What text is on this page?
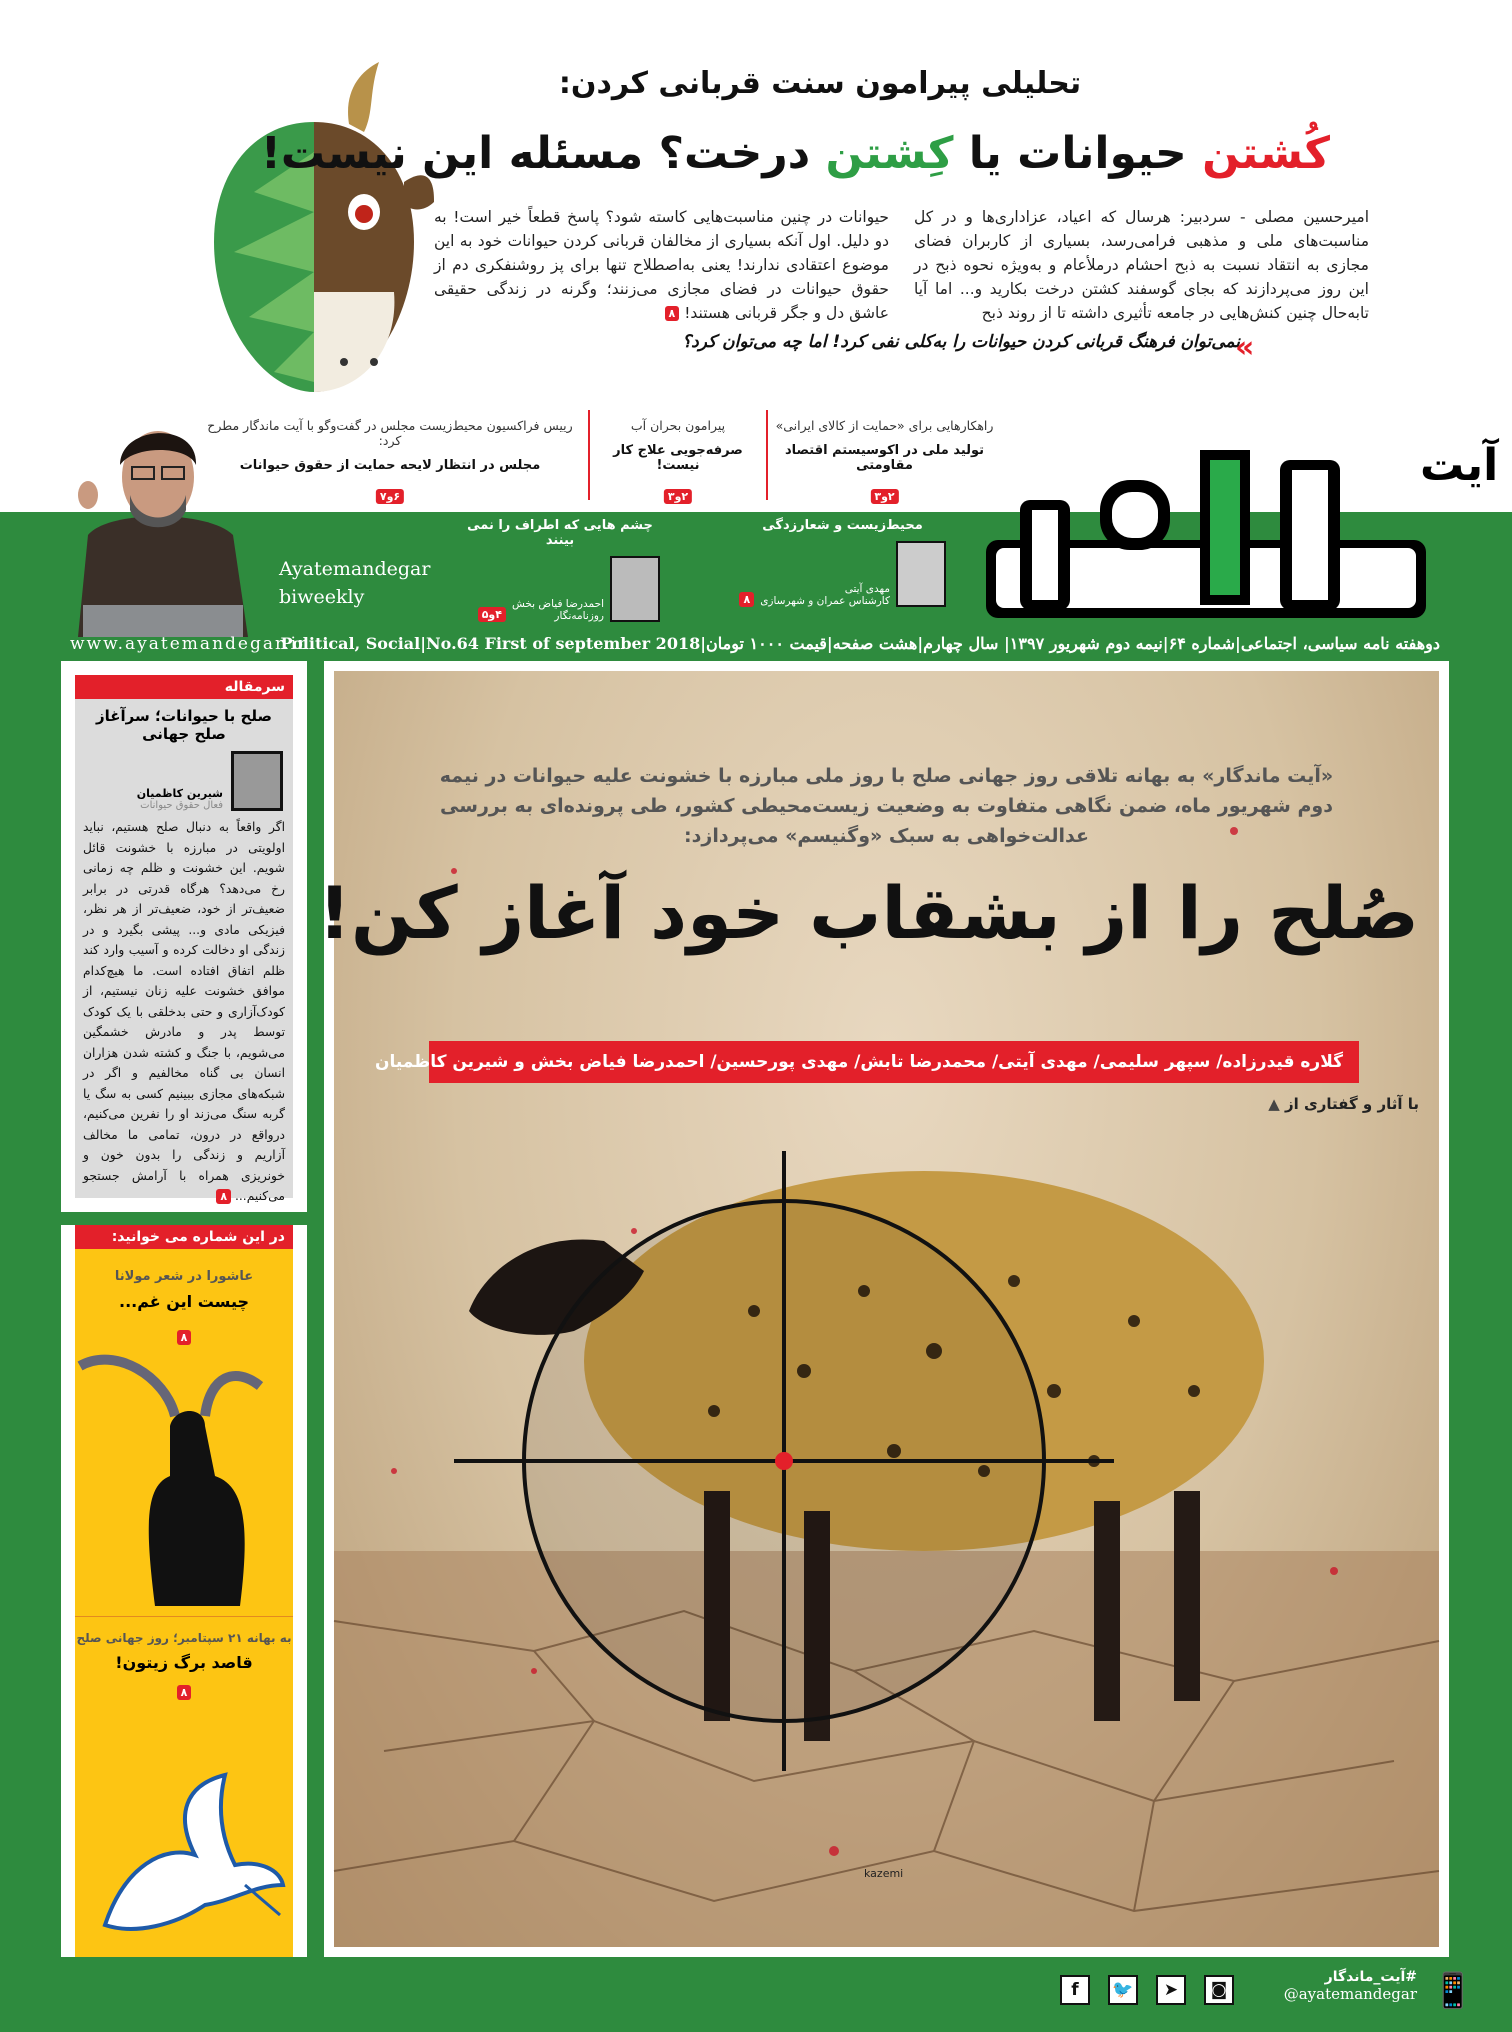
تحلیلی پیرامون سنت قربانی کردن:
کُشتن حیوانات یا کِشتن درخت؟ مسئله این نیست!
امیرحسین مصلی - سردبیر: هرسال که اعیاد، عزاداری‌ها و در کل مناسبت‌های ملی و مذهبی فرامی‌رسد، بسیاری از کاربران فضای مجازی به انتقاد نسبت به ذبح احشام درملأعام و به‌ویژه نحوه ذبح در این روز می‌پردازند که بجای گوسفند کشتن درخت بکارید و... اما آیا تابه‌حال چنین کنش‌هایی در جامعه تأثیری داشته تا از روند ذبح
حیوانات در چنین مناسبت‌هایی کاسته شود؟ پاسخ قطعاً خیر است! به دو دلیل. اول آنکه بسیاری از مخالفان قربانی کردن حیوانات خود به این موضوع اعتقادی ندارند! یعنی به‌اصطلاح تنها برای پز روشنفکری دم از حقوق حیوانات در فضای مجازی می‌زنند؛ وگرنه در زندگی حقیقی عاشق دل و جگر قربانی هستند! ۸
«
نمی‌توان فرهنگ قربانی کردن حیوانات را به‌کلی نفی کرد! اما چه می‌توان کرد؟
راهکارهایی برای «حمایت از کالای ایرانی»
تولید ملی در اکوسیستم اقتصاد مقاومتی
۲و۳
پیرامون بحران آب
صرفه‌جویی علاج کار نیست!
۲و۳
رییس فراکسیون محیط‌زیست مجلس در گفت‌وگو با آیت ماندگار مطرح کرد:
مجلس در انتظار لایحه حمایت از حقوق حیوانات
۶و۷
Ayatemandegar
biweekly
آیت
محیط‌زیست و شعارزدگی
مهدی آیتی
کارشناس عمران و شهرسازی
۸
چشم هایی که اطراف را نمی بینند
احمدرضا فیاض بخش
روزنامه‌نگار
۴و۵
دوهفته نامه سیاسی، اجتماعی|شماره ۶۴|نیمه دوم شهریور ۱۳۹۷| سال چهارم|هشت صفحه|قیمت ۱۰۰۰ تومان|Political, Social|No.64 First of september 2018
www.ayatemandegar.ir
سرمقاله
صلح با حیوانات؛ سرآغاز صلح جهانی
شیرین کاظمیان
فعال حقوق حیوانات
اگر واقعاً به دنبال صلح هستیم، نباید اولویتی در مبارزه با خشونت قائل شویم. این خشونت و ظلم چه زمانی رخ می‌دهد؟ هرگاه قدرتی در برابر ضعیف‌تر از خود، ضعیف‌تر از هر نظر، فیزیکی مادی و... پیشی بگیرد و در زندگی او دخالت کرده و آسیب وارد کند ظلم اتفاق افتاده است. ما هیچ‌کدام موافق خشونت علیه زنان نیستیم، از کودک‌آزاری و حتی بدخلقی با یک کودک توسط پدر و مادرش خشمگین می‌شویم، با جنگ و کشته شدن هزاران انسان بی گناه مخالفیم و اگر در شبکه‌های مجازی ببینیم کسی به سگ یا گربه سنگ می‌زند او را نفرین می‌کنیم، درواقع در درون، تمامی ما مخالف آزاریم و زندگی را بدون خون و خونریزی همراه با آرامش جستجو می‌کنیم... ۸
در این شماره می خوانید:
عاشورا در شعر مولانا
چیست این غم...
۸
به بهانه ۲۱ سپتامبر؛ روز جهانی صلح
قاصد برگ زیتون!
۸
«آیت ماندگار» به بهانه تلاقی روز جهانی صلح با روز ملی مبارزه با خشونت علیه حیوانات در نیمه دوم شهریور ماه، ضمن نگاهی متفاوت به وضعیت زیست‌محیطی کشور، طی پرونده‌ای به بررسی عدالت‌خواهی به سبک «وگنیسم» می‌پردازد:
صُلح را از بشقاب خود آغاز کن!
گلاره قیدرزاده/ سپهر سلیمی/ مهدی آیتی/ محمدرضا تابش/ مهدی پورحسین/ احمدرضا فیاض بخش و شیرین کاظمیان
با آثار و گفتاری از ▲
kazemi
📱
#آیت_ماندگار
@ayatemandegar
f	🐦	➤	◙
